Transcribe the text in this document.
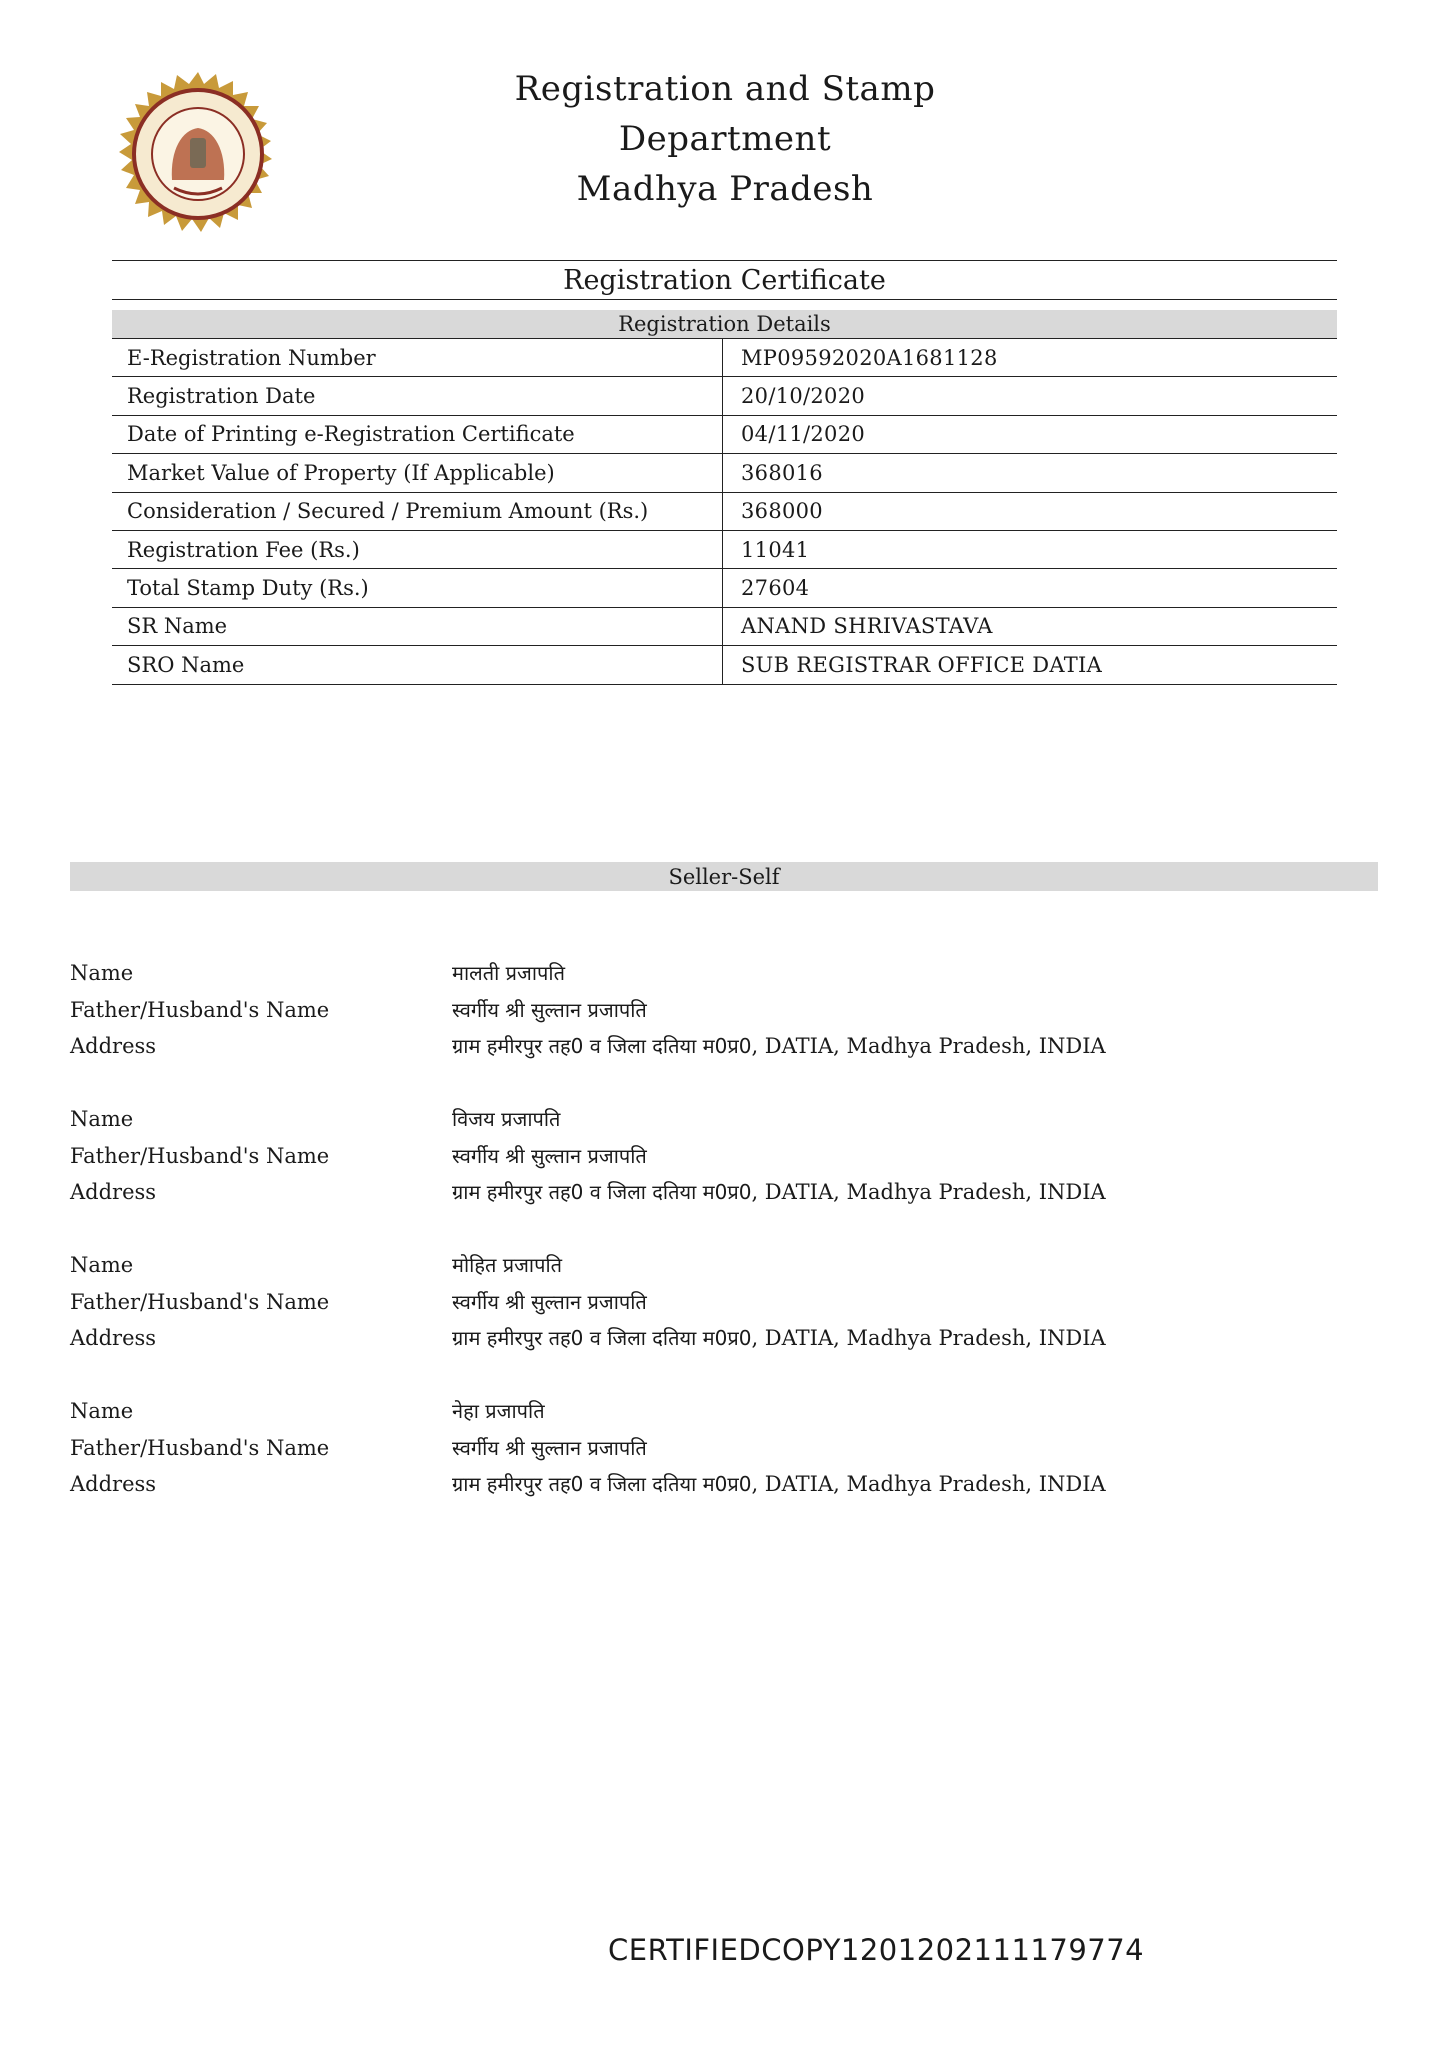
Registration and Stamp Department
Madhya Pradesh
Registration Certificate
Registration Details
E-Registration Number	MP09592020A1681128
Registration Date	20/10/2020
Date of Printing e-Registration Certificate	04/11/2020
Market Value of Property (If Applicable)	368016
Consideration / Secured / Premium Amount (Rs.)	368000
Registration Fee (Rs.)	11041
Total Stamp Duty (Rs.)	27604
SR Name	ANAND SHRIVASTAVA
SRO Name	SUB REGISTRAR OFFICE DATIA
Seller-Self
Name	मालती प्रजापति
Father/Husband's Name	स्वर्गीय श्री सुल्तान प्रजापति
Address	ग्राम हमीरपुर तह0 व जिला दतिया म0प्र0, DATIA, Madhya Pradesh, INDIA
Name	विजय प्रजापति
Father/Husband's Name	स्वर्गीय श्री सुल्तान प्रजापति
Address	ग्राम हमीरपुर तह0 व जिला दतिया म0प्र0, DATIA, Madhya Pradesh, INDIA
Name	मोहित प्रजापति
Father/Husband's Name	स्वर्गीय श्री सुल्तान प्रजापति
Address	ग्राम हमीरपुर तह0 व जिला दतिया म0प्र0, DATIA, Madhya Pradesh, INDIA
Name	नेहा प्रजापति
Father/Husband's Name	स्वर्गीय श्री सुल्तान प्रजापति
Address	ग्राम हमीरपुर तह0 व जिला दतिया म0प्र0, DATIA, Madhya Pradesh, INDIA
CERTIFIEDCOPY1201202111179774
